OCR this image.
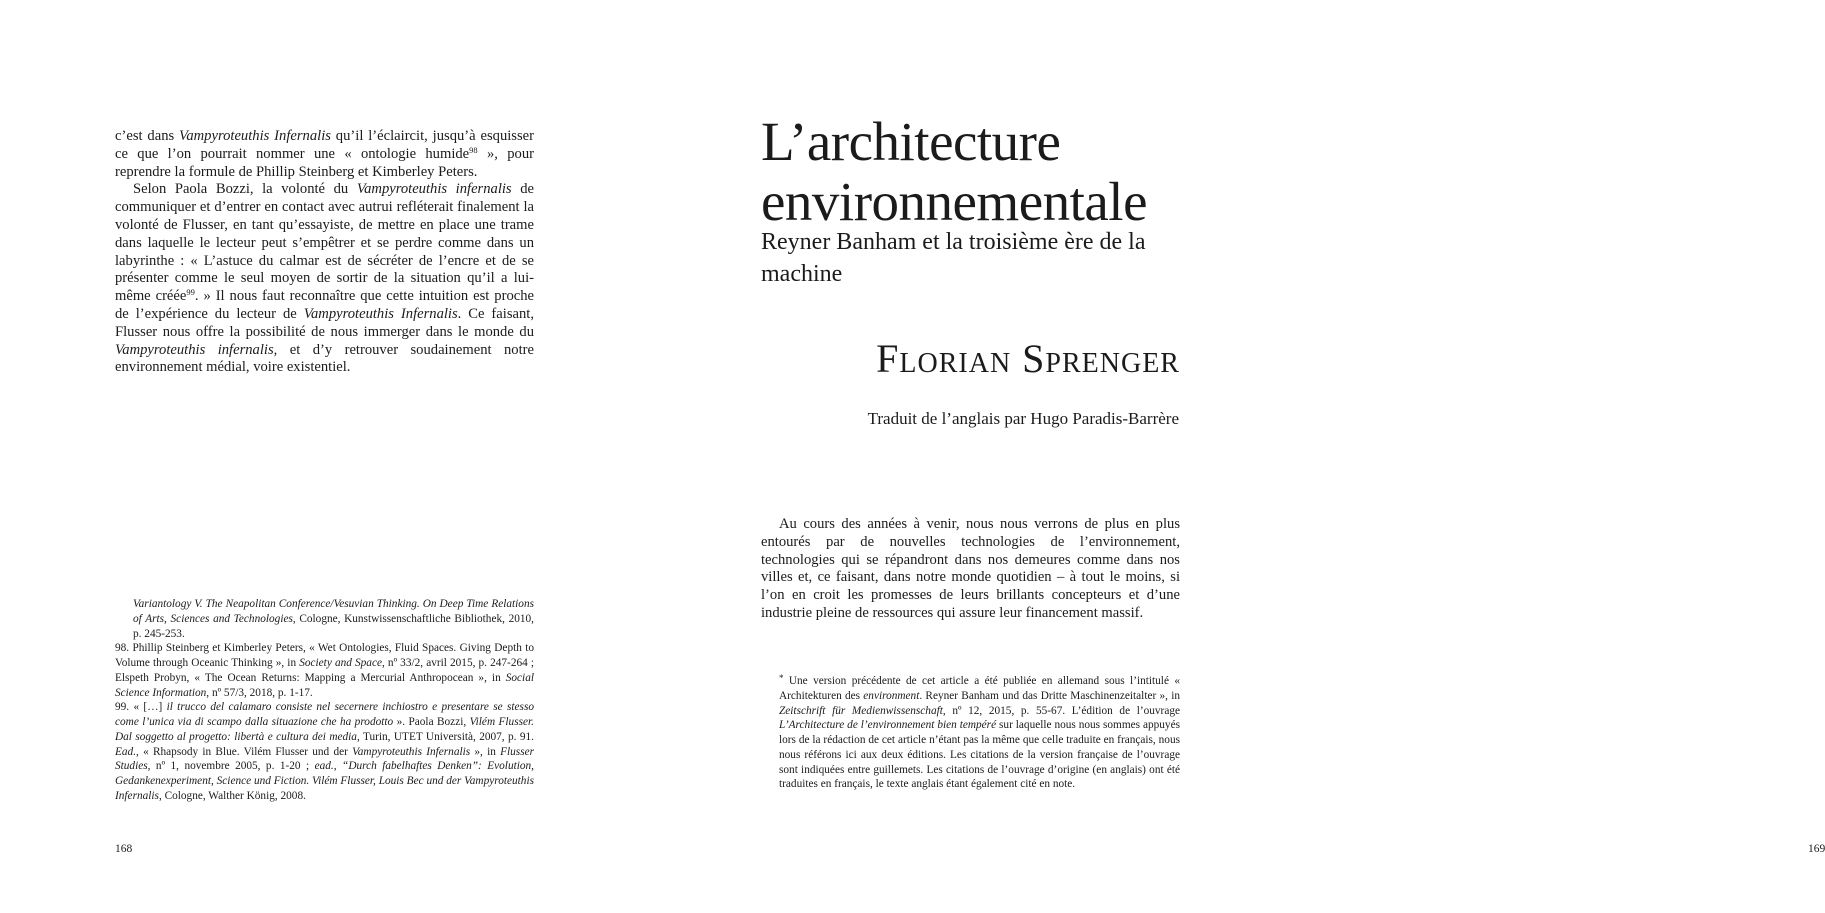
c’est dans Vampyroteuthis Infernalis qu’il l’éclaircit, jusqu’à esquisser ce que l’on pourrait nommer une « ontologie humide$^{98}$ », pour reprendre la formule de Phillip Steinberg et Kimberley Peters.

Selon Paola Bozzi, la volonté du Vampyroteuthis infernalis de communiquer et d’entrer en contact avec autrui refléterait finalement la volonté de Flusser, en tant qu’essayiste, de mettre en place une trame dans laquelle le lecteur peut s’empêtrer et se perdre comme dans un labyrinthe : « L’astuce du calmar est de sécréter de l’encre et de se présenter comme le seul moyen de sortir de la situation qu’il a lui-même créée$^{99}$. » Il nous faut reconnaître que cette intuition est proche de l’expérience du lecteur de Vampyroteuthis Infernalis. Ce faisant, Flusser nous offre la possibilité de nous immerger dans le monde du Vampyroteuthis infernalis, et d’y retrouver soudainement notre environnement médial, voire existentiel.

Variantology V. The Neapolitan Conference/Vesuvian Thinking. On Deep Time Relations of Arts, Sciences and Technologies, Cologne, Kunstwissenschaftliche Bibliothek, 2010, p. 245-253.

98. Phillip Steinberg et Kimberley Peters, « Wet Ontologies, Fluid Spaces. Giving Depth to Volume through Oceanic Thinking », in Society and Space, nº 33/2, avril 2015, p. 247-264 ; Elspeth Probyn, « The Ocean Returns: Mapping a Mercurial Anthropocean », in Social Science Information, nº 57/3, 2018, p. 1-17.

99. « […] il trucco del calamaro consiste nel secernere inchiostro e presentare se stesso come l’unica via di scampo dalla situazione che ha prodotto ». Paola Bozzi, Vilém Flusser. Dal soggetto al progetto: libertà e cultura dei media, Turin, UTET Università, 2007, p. 91. Ead., « Rhapsody in Blue. Vilém Flusser und der Vampyroteuthis Infernalis », in Flusser Studies, nº 1, novembre 2005, p. 1-20 ; ead., “Durch fabelhaftes Denken”: Evolution, Gedankenexperiment, Science und Fiction. Vilém Flusser, Louis Bec und der Vampyroteuthis Infernalis, Cologne, Walther König, 2008.

168
L’architecture environnementale
Reyner Banham et la troisième ère de la machine
Florian Sprenger
Traduit de l’anglais par Hugo Paradis-Barrère

Au cours des années à venir, nous nous verrons de plus en plus entourés par de nouvelles technologies de l’environnement, technologies qui se répandront dans nos demeures comme dans nos villes et, ce faisant, dans notre monde quotidien – à tout le moins, si l’on en croit les promesses de leurs brillants concepteurs et d’une industrie pleine de ressources qui assure leur financement massif.

* Une version précédente de cet article a été publiée en allemand sous l’intitulé « Architekturen des environment. Reyner Banham und das Dritte Maschinenzeitalter », in Zeitschrift für Medienwissenschaft, nº 12, 2015, p. 55-67. L’édition de l’ouvrage L’Architecture de l’environnement bien tempéré sur laquelle nous nous sommes appuyés lors de la rédaction de cet article n’étant pas la même que celle traduite en français, nous nous référons ici aux deux éditions. Les citations de la version française de l’ouvrage sont indiquées entre guillemets. Les citations de l’ouvrage d’origine (en anglais) ont été traduites en français, le texte anglais étant également cité en note.

169
